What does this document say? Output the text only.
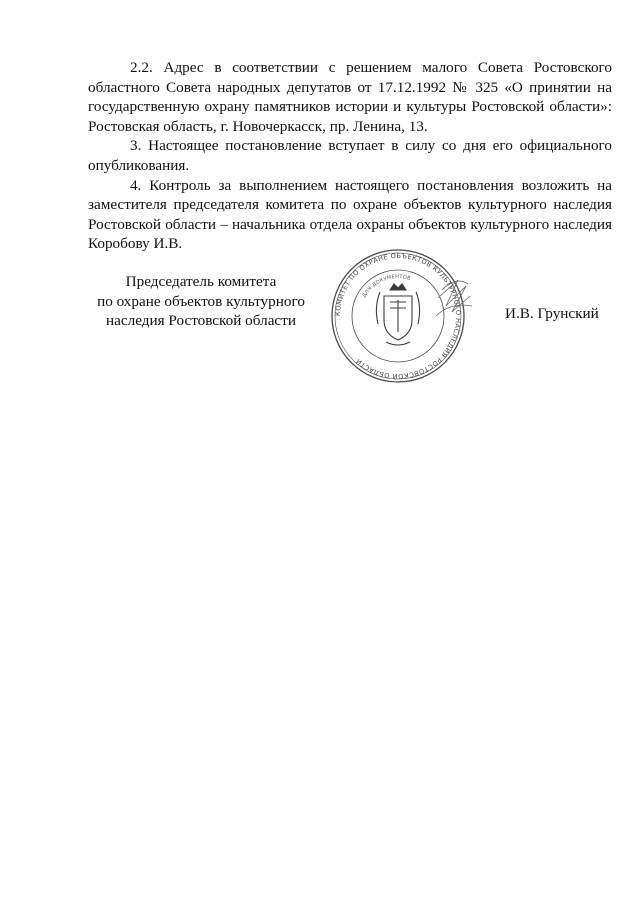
2.2. Адрес в соответствии с решением малого Совета Ростовского областного Совета народных депутатов от 17.12.1992 № 325 «О принятии на государственную охрану памятников истории и культуры Ростовской области»: Ростовская область, г. Новочеркасск, пр. Ленина, 13.

3. Настоящее постановление вступает в силу со дня его официального опубликования.

4. Контроль за выполнением настоящего постановления возложить на заместителя председателя комитета по охране объектов культурного наследия Ростовской области – начальника отдела охраны объектов культурного наследия Коробову И.В.

Председатель комитета
по охране объектов культурного
наследия Ростовской области	КОМИТЕТ ПО ОХРАНЕ ОБЪЕКТОВ КУЛЬТУРНОГО НАСЛЕДИЯ РОСТОВСКОЙ ОБЛАСТИ
ДЛЯ ДОКУМЕНТОВ
И.В. Грунский
